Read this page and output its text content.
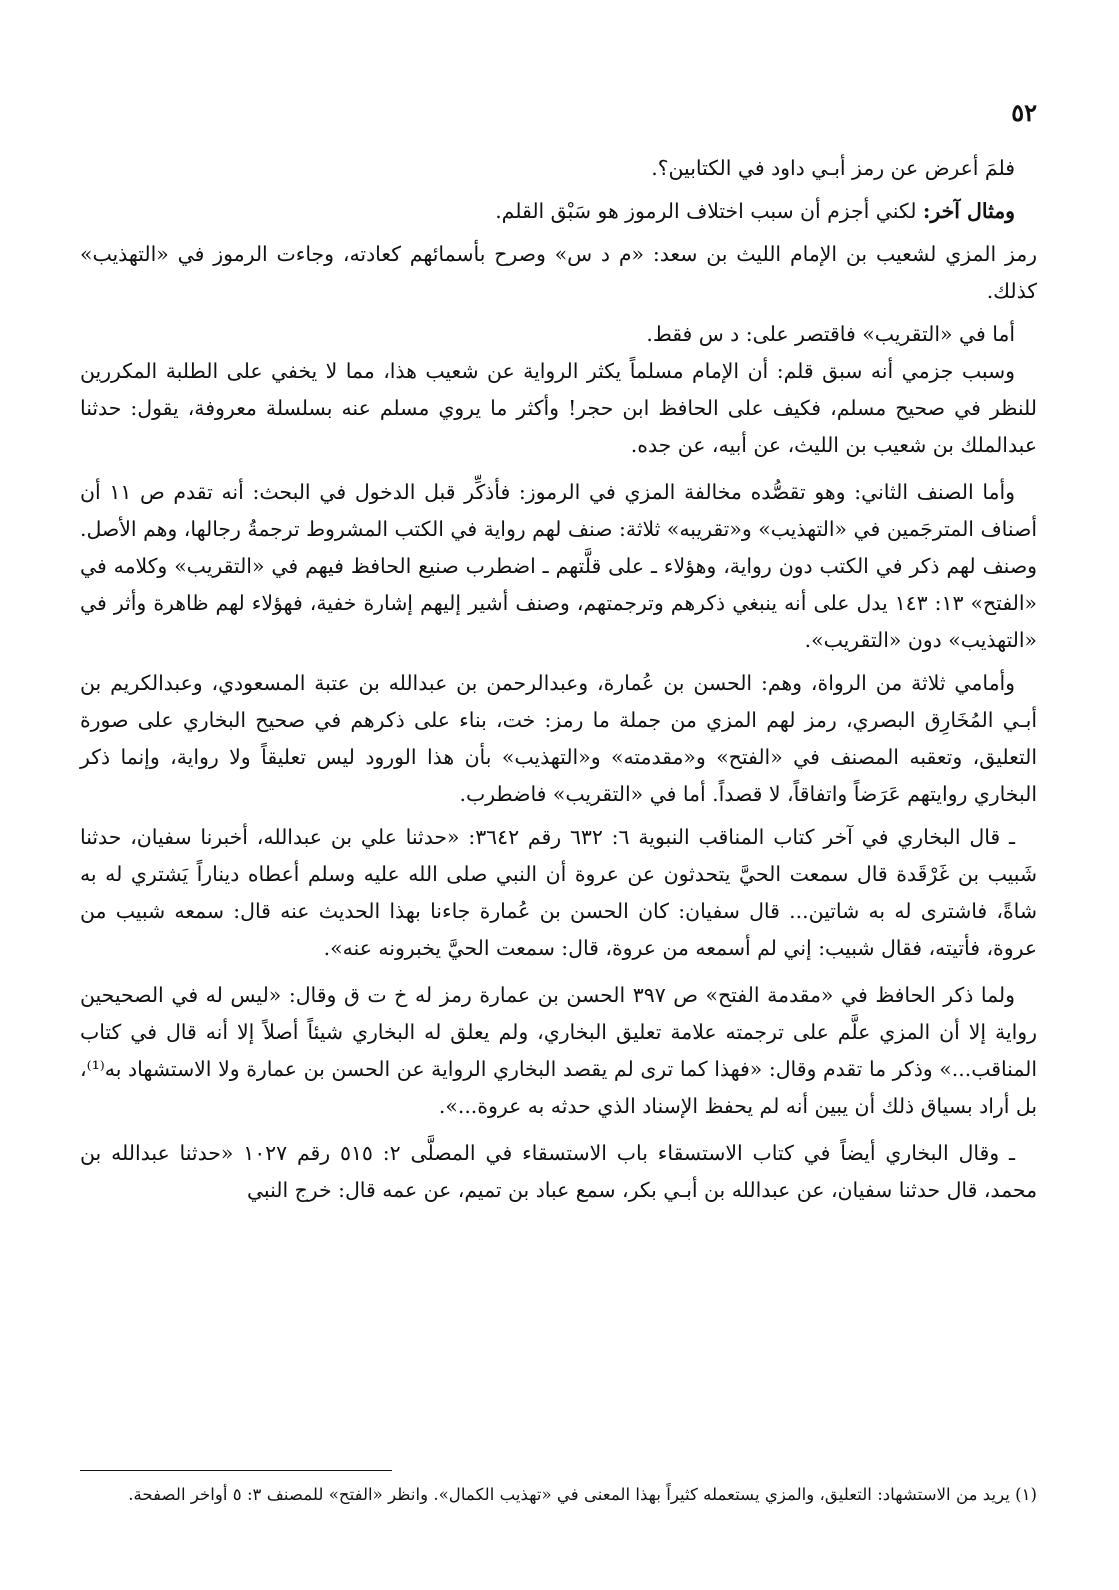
٥٢

فلمَ أعرض عن رمز أبـي داود في الكتابين؟.

ومثال آخر: لكني أجزم أن سبب اختلاف الرموز هو سَبْق القلم.

رمز المزي لشعيب بن الإمام الليث بن سعد: «م د س» وصرح بأسمائهم كعادته، وجاءت الرموز في «التهذيب» كذلك.

أما في «التقريب» فاقتصر على: د س فقط.

وسبب جزمي أنه سبق قلم: أن الإمام مسلماً يكثر الرواية عن شعيب هذا، مما لا يخفي على الطلبة المكررين للنظر في صحيح مسلم، فكيف على الحافظ ابن حجر! وأكثر ما يروي مسلم عنه بسلسلة معروفة، يقول: حدثنا عبدالملك بن شعيب بن الليث، عن أبيه، عن جده.

وأما الصنف الثاني: وهو تقصُّده مخالفة المزي في الرموز: فأذكِّر قبل الدخول في البحث: أنه تقدم ص ١١ أن أصناف المترجَمين في «التهذيب» و«تقريبه» ثلاثة: صنف لهم رواية في الكتب المشروط ترجمةُ رجالها، وهم الأصل. وصنف لهم ذكر في الكتب دون رواية، وهؤلاء ـ على قلَّتهم ـ اضطرب صنيع الحافظ فيهم في «التقريب» وكلامه في «الفتح» ١٣: ١٤٣ يدل على أنه ينبغي ذكرهم وترجمتهم، وصنف أشير إليهم إشارة خفية، فهؤلاء لهم ظاهرة وأثر في «التهذيب» دون «التقريب».

وأمامي ثلاثة من الرواة، وهم: الحسن بن عُمارة، وعبدالرحمن بن عبدالله بن عتبة المسعودي، وعبدالكريم بن أبـي المُخَارِق البصري، رمز لهم المزي من جملة ما رمز: خت، بناء على ذكرهم في صحيح البخاري على صورة التعليق، وتعقبه المصنف في «الفتح» و«مقدمته» و«التهذيب» بأن هذا الورود ليس تعليقاً ولا رواية، وإنما ذكر البخاري روايتهم عَرَضاً واتفاقاً، لا قصداً. أما في «التقريب» فاضطرب.

ـ قال البخاري في آخر كتاب المناقب النبوية ٦: ٦٣٢ رقم ٣٦٤٢: «حدثنا علي بن عبدالله، أخبرنا سفيان، حدثنا شَبيب بن غَرْقَدة قال سمعت الحيَّ يتحدثون عن عروة أن النبي صلى الله عليه وسلم أعطاه ديناراً يَشتري له به شاةً، فاشترى له به شاتين... قال سفيان: كان الحسن بن عُمارة جاءنا بهذا الحديث عنه قال: سمعه شبيب من عروة، فأتيته، فقال شبيب: إني لم أسمعه من عروة، قال: سمعت الحيَّ يخبرونه عنه».

ولما ذكر الحافظ في «مقدمة الفتح» ص ٣٩٧ الحسن بن عمارة رمز له خ ت ق وقال: «ليس له في الصحيحين رواية إلا أن المزي علَّم على ترجمته علامة تعليق البخاري، ولم يعلق له البخاري شيئاً أصلاً إلا أنه قال في كتاب المناقب...» وذكر ما تقدم وقال: «فهذا كما ترى لم يقصد البخاري الرواية عن الحسن بن عمارة ولا الاستشهاد به⁽¹⁾، بل أراد بسياق ذلك أن يبين أنه لم يحفظ الإسناد الذي حدثه به عروة...».

ـ وقال البخاري أيضاً في كتاب الاستسقاء باب الاستسقاء في المصلَّى ٢: ٥١٥ رقم ١٠٢٧ «حدثنا عبدالله بن محمد، قال حدثنا سفيان، عن عبدالله بن أبـي بكر، سمع عباد بن تميم، عن عمه قال: خرج النبي

(١) يريد من الاستشهاد: التعليق، والمزي يستعمله كثيراً بهذا المعنى في «تهذيب الكمال». وانظر «الفتح» للمصنف ٣: ٥ أواخر الصفحة.
